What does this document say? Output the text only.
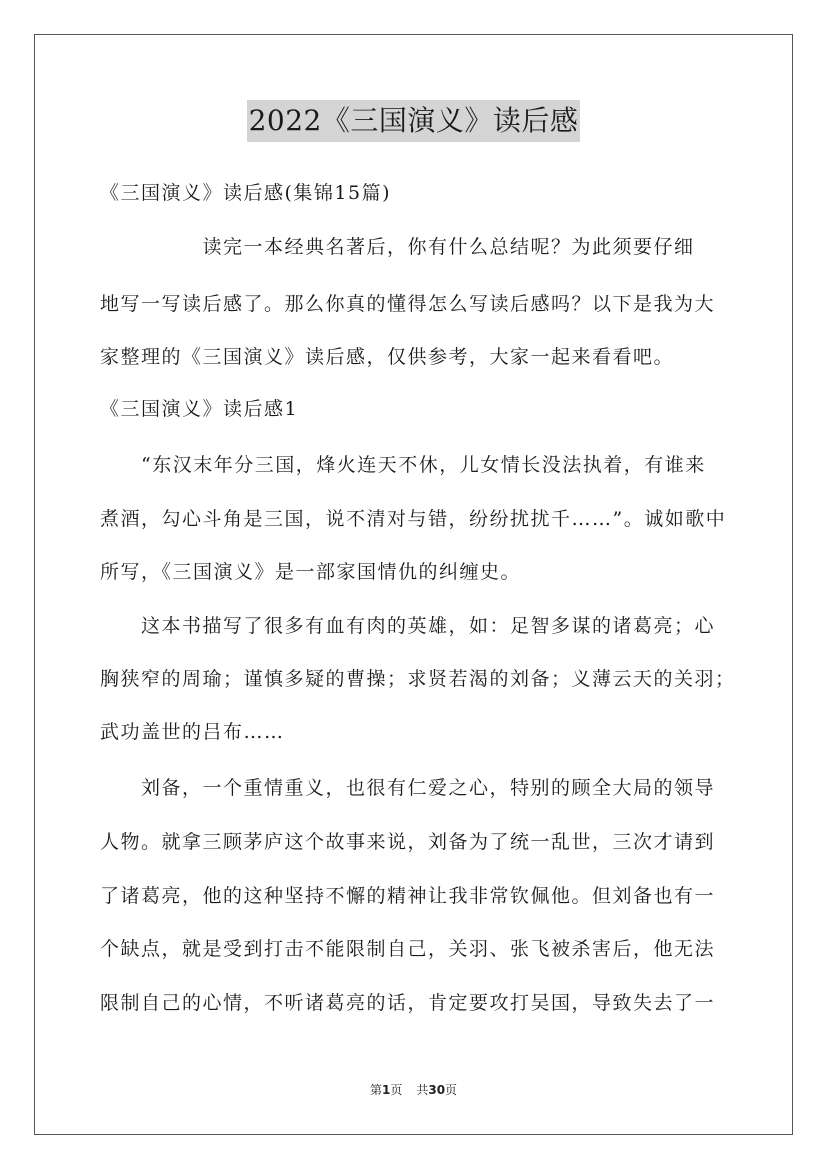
2022《三国演义》读后感
《三国演义》读后感(集锦15篇)
　　　　　读完一本经典名著后，你有什么总结呢？为此须要仔细
地写一写读后感了。那么你真的懂得怎么写读后感吗？以下是我为大
家整理的《三国演义》读后感，仅供参考，大家一起来看看吧。
《三国演义》读后感1
　　“东汉末年分三国，烽火连天不休，儿女情长没法执着，有谁来
煮酒，勾心斗角是三国，说不清对与错，纷纷扰扰千……”。诚如歌中
所写，《三国演义》是一部家国情仇的纠缠史。
　　这本书描写了很多有血有肉的英雄，如：足智多谋的诸葛亮；心
胸狭窄的周瑜；谨慎多疑的曹操；求贤若渴的刘备；义薄云天的关羽；
武功盖世的吕布……
　　刘备，一个重情重义，也很有仁爱之心，特别的顾全大局的领导
人物。就拿三顾茅庐这个故事来说，刘备为了统一乱世，三次才请到
了诸葛亮，他的这种坚持不懈的精神让我非常钦佩他。但刘备也有一
个缺点，就是受到打击不能限制自己，关羽、张飞被杀害后，他无法
限制自己的心情，不听诸葛亮的话，肯定要攻打吴国，导致失去了一
第1页 共30页
